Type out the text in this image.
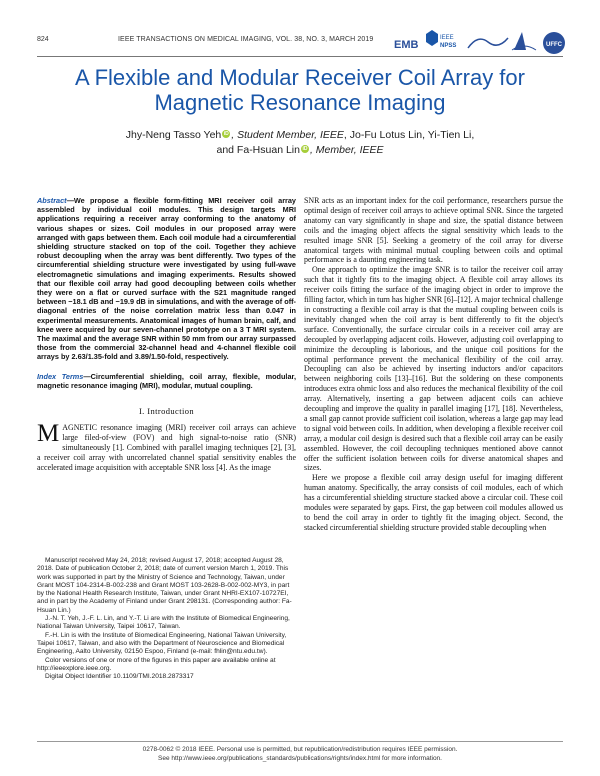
824	IEEE TRANSACTIONS ON MEDICAL IMAGING, VOL. 38, NO. 3, MARCH 2019 EMB
IEEE
NPSS	UFFC
A Flexible and Modular Receiver Coil Array for
Magnetic Resonance Imaging
Jhy-Neng Tasso Yeh iD , Student Member, IEEE, Jo-Fu Lotus Lin, Yi-Tien Li,
and Fa-Hsuan Lin iD , Member, IEEE

Abstract—We propose a flexible form-fitting MRI receiver coil array assembled by individual coil modules. This design targets MRI applications requiring a receiver array conforming to the anatomy of various shapes or sizes. Coil modules in our proposed array were arranged with gaps between them. Each coil module had a circumferential shielding structure stacked on top of the coil. Together they achieve robust decoupling when the array was bent differently. Two types of the circumferential shielding structure were investigated by using full-wave electromagnetic simulations and imaging experiments. Results showed that our flexible coil array had good decoupling between coils whether they were on a flat or curved surface with the S21 magnitude ranged between −18.1 dB and −19.9 dB in simulations, and with the average of off-diagonal entries of the noise correlation matrix less than 0.047 in experimental measurements. Anatomical images of human brain, calf, and knee were acquired by our seven-channel prototype on a 3 T MRI system. The maximal and the average SNR within 50 mm from our array surpassed those from the commercial 32-channel head and 4-channel flexible coil arrays by 2.63/1.35-fold and 3.89/1.50-fold, respectively.

Index Terms—Circumferential shielding, coil array, flexible, modular, magnetic resonance imaging (MRI), modular, mutual coupling.

I. Introduction

MAGNETIC resonance imaging (MRI) receiver coil arrays can achieve large filed-of-view (FOV) and high signal-to-noise ratio (SNR) simultaneously [1]. Combined with parallel imaging techniques [2], [3], a receiver coil array with uncorrelated channel spatial sensitivity enables the accelerated image acquisition with acceptable SNR loss [4]. As the image

Manuscript received May 24, 2018; revised August 17, 2018; accepted August 28, 2018. Date of publication October 2, 2018; date of current version March 1, 2019. This work was supported in part by the Ministry of Science and Technology, Taiwan, under Grant MOST 104-2314-B-002-238 and Grant MOST 103-2628-B-002-002-MY3, in part by the National Health Research Institute, Taiwan, under Grant NHRI-EX107-10727EI, and in part by the Academy of Finland under Grant 298131. (Corresponding author: Fa-Hsuan Lin.)

J.-N. T. Yeh, J.-F. L. Lin, and Y.-T. Li are with the Institute of Biomedical Engineering, National Taiwan University, Taipei 10617, Taiwan.

F.-H. Lin is with the Institute of Biomedical Engineering, National Taiwan University, Taipei 10617, Taiwan, and also with the Department of Neuroscience and Biomedical Engineering, Aalto University, 02150 Espoo, Finland (e-mail: fhlin@ntu.edu.tw).

Color versions of one or more of the figures in this paper are available online at http://ieeexplore.ieee.org.

Digital Object Identifier 10.1109/TMI.2018.2873317

SNR acts as an important index for the coil performance, researchers pursue the optimal design of receiver coil arrays to achieve optimal SNR. Since the targeted anatomy can vary significantly in shape and size, the spatial distance between coils and the imaging object affects the signal sensitivity which leads to the resulted image SNR [5]. Seeking a geometry of the coil array for diverse anatomical targets with minimal mutual coupling between coils and optimal performance is a daunting engineering task.

One approach to optimize the image SNR is to tailor the receiver coil array such that it tightly fits to the imaging object. A flexible coil array allows its receiver coils fitting the surface of the imaging object in order to improve the filling factor, which in turn has higher SNR [6]–[12]. A major technical challenge in constructing a flexible coil array is that the mutual coupling between coils is inevitably changed when the coil array is bent differently to fit the object's surface. Conventionally, the surface circular coils in a receiver coil array are decoupled by overlapping adjacent coils. However, adjusting coil overlapping to minimize the decoupling is laborious, and the unique coil positions for the optimal performance prevent the mechanical flexibility of the coil array. Decoupling can also be achieved by inserting inductors and/or capacitors between neighboring coils [13]–[16]. But the soldering on these components introduces extra ohmic loss and also reduces the mechanical flexibility of the coil array. Alternatively, inserting a gap between adjacent coils can achieve decoupling and improve the quality in parallel imaging [17], [18]. Nevertheless, a small gap cannot provide sufficient coil isolation, whereas a large gap may lead to signal void between coils. In addition, when developing a flexible receiver coil array, a modular coil design is desired such that a flexible coil array can be easily assembled. However, the coil decoupling techniques mentioned above cannot offer the sufficient isolation between coils for diverse anatomical shapes and sizes.

Here we propose a flexible coil array design useful for imaging different human anatomy. Specifically, the array consists of coil modules, each of which has a circumferential shielding structure stacked above a circular coil. These coil modules were separated by gaps. First, the gap between coil modules allowed us to bend the coil array in order to tightly fit the imaging object. Second, the stacked circumferential shielding structure provided stable decoupling when

0278-0062 © 2018 IEEE. Personal use is permitted, but republication/redistribution requires IEEE permission.
See http://www.ieee.org/publications_standards/publications/rights/index.html for more information.
